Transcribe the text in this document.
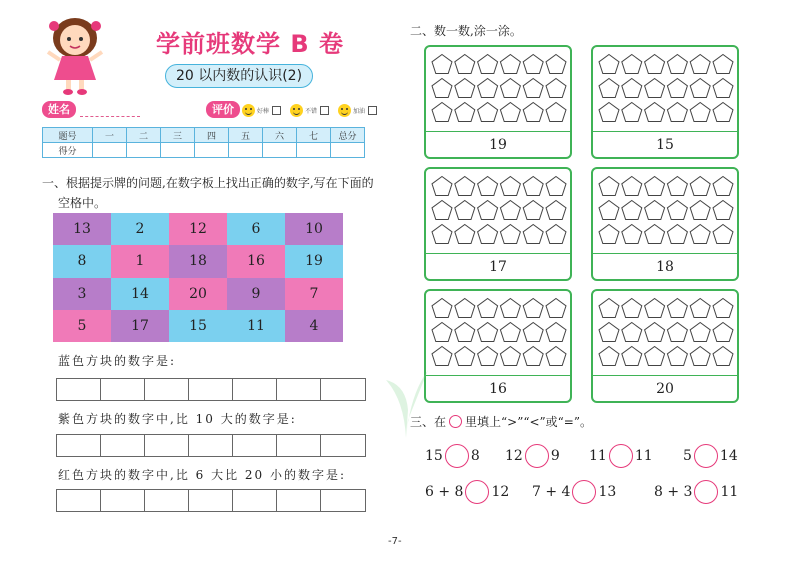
学前班数学 B 卷
20 以内数的认识(2)
姓名	评价	好棒	不错	加油
题号	一	二	三	四	五	六	七	总分
得分								
一、根据提示牌的问题,在数字板上找出正确的数字,写在下面的
空格中。
13	2	12	6	10
8	1	18	16	19
3	14	20	9	7
5	17	15	11	4
蓝色方块的数字是:
紫色方块的数字中,比 10 大的数字是:
红色方块的数字中,比 6 大比 20 小的数字是:
二、数一数,涂一涂。
19	15
17	18
16	20
三、在 里填上“>”“<”或“=”。
15 8 12 9 11 11 5 14
6 + 8 12 7 + 4 13	8 + 3 11
-7-
